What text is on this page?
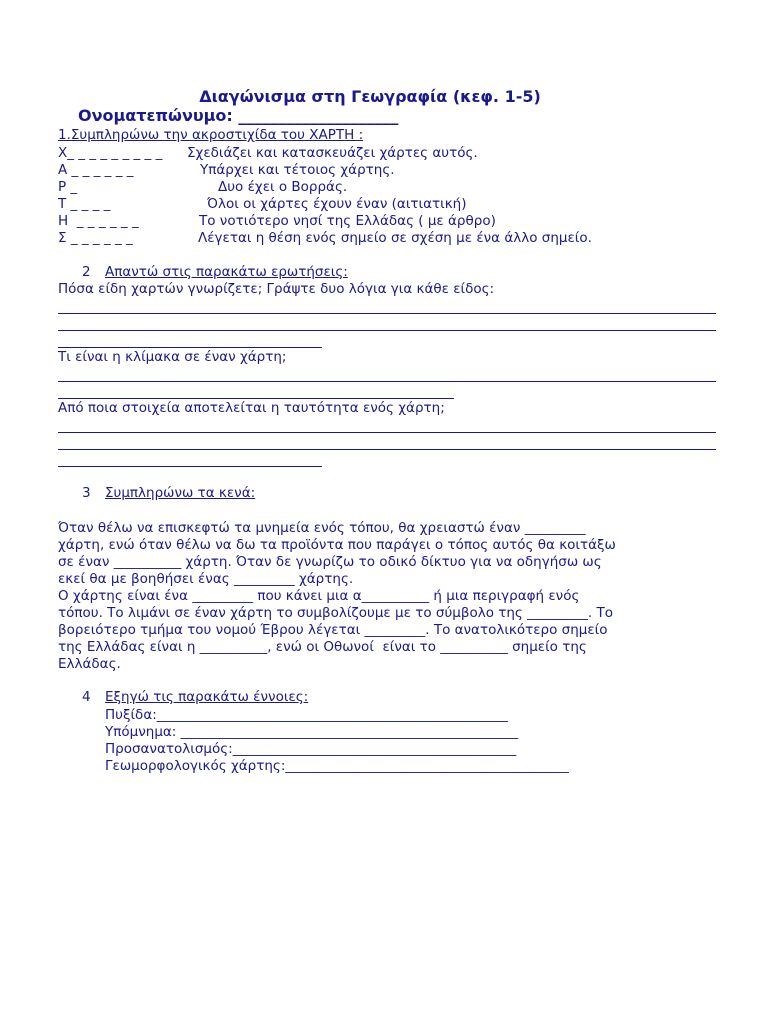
Διαγώνισμα στη Γεωγραφία (κεφ. 1-5)
Ονοματεπώνυμο: ____________________
1.Συμπληρώνω την ακροστιχίδα του ΧΑΡΤΗ :
Χ_ _ _ _ _ _ _ _ _ Σχεδιάζει και κατασκευάζει χάρτες αυτός.
Α _ _ _ _ _ _	Υπάρχει και τέτοιος χάρτης.
Ρ _	Δυο έχει ο Βορράς.
Τ _ _ _ _	Όλοι οι χάρτες έχουν έναν (αιτιατική)
Η  _ _ _ _ _ _	Το νοτιότερο νησί της Ελλάδας ( με άρθρο)
Σ _ _ _ _ _ _	Λέγεται η θέση ενός σημείο σε σχέση με ένα άλλο σημείο.
2 Απαντώ στις παρακάτω ερωτήσεις:
Πόσα είδη χαρτών γνωρίζετε; Γράψτε δυο λόγια για κάθε είδος:
Τι είναι η κλίμακα σε έναν χάρτη;
Από ποια στοιχεία αποτελείται η ταυτότητα ενός χάρτη;
3 Συμπληρώνω τα κενά:
Όταν θέλω να επισκεφτώ τα μνημεία ενός τόπου, θα χρειαστώ έναν _________
χάρτη, ενώ όταν θέλω να δω τα προϊόντα που παράγει ο τόπος αυτός θα κοιτάξω
σε έναν __________ χάρτη. Όταν δε γνωρίζω το οδικό δίκτυο για να οδηγήσω ως
εκεί θα με βοηθήσει ένας _________ χάρτης.
Ο χάρτης είναι ένα _________ που κάνει μια α__________ ή μια περιγραφή ενός
τόπου. Το λιμάνι σε έναν χάρτη το συμβολίζουμε με το σύμβολο της _________. Το
βορειότερο τμήμα του νομού Έβρου λέγεται _________. Το ανατολικότερο σημείο
της Ελλάδας είναι η __________, ενώ οι Οθωνοί  είναι το __________ σημείο της
Ελλάδας.
4 Εξηγώ τις παρακάτω έννοιες:
Πυξίδα:____________________________________________________
Υπόμνημα: __________________________________________________
Προσανατολισμός:__________________________________________
Γεωμορφολογικός χάρτης:__________________________________________
